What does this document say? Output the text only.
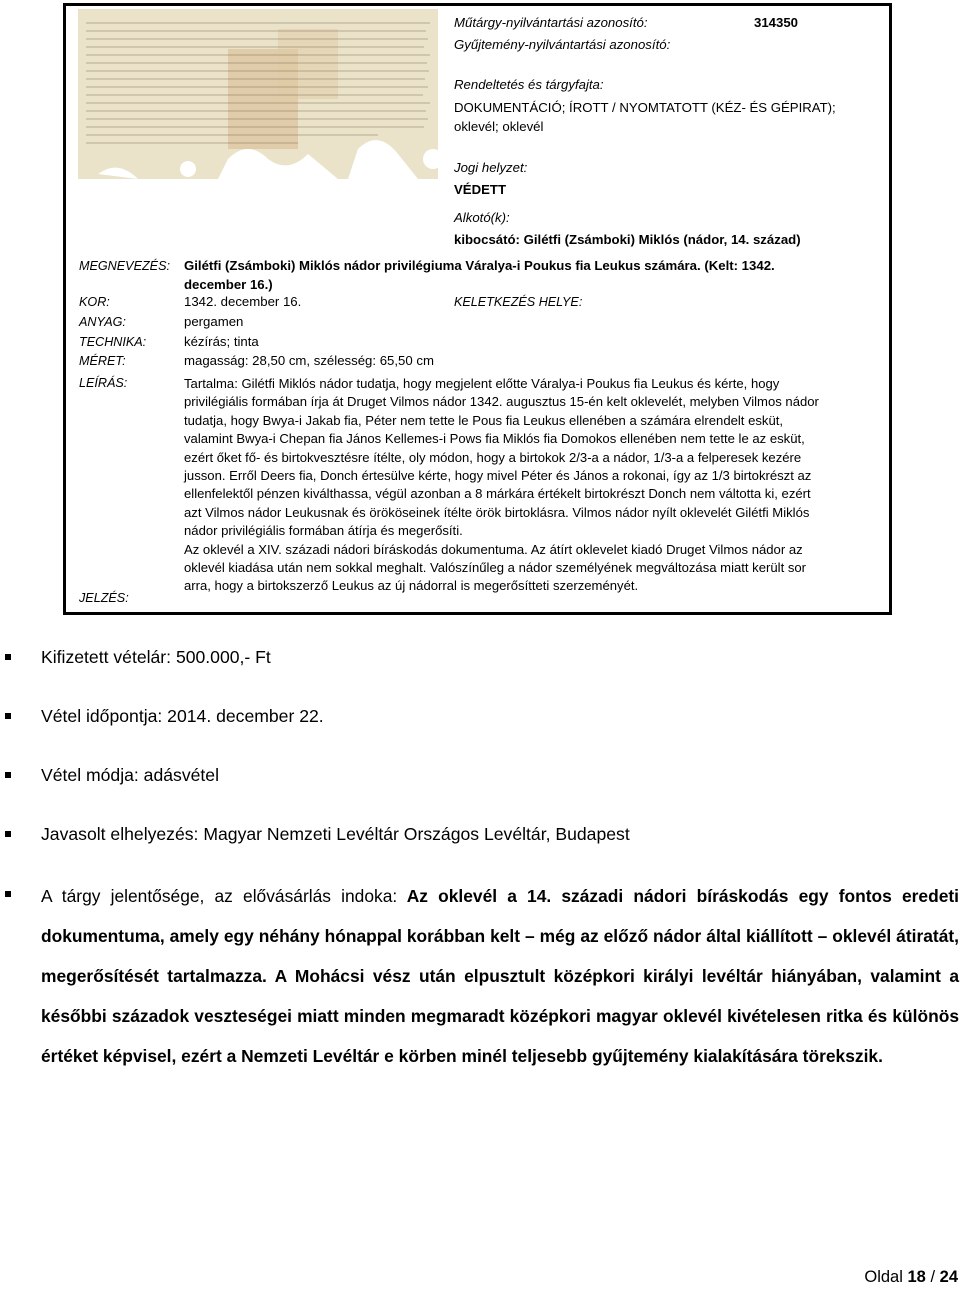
Műtárgy-nyilvántartási azonosító:	314350
Gyűjtemény-nyilvántartási azonosító:
Rendeltetés és tárgyfajta:
DOKUMENTÁCIÓ; ÍROTT / NYOMTATOTT (KÉZ- ÉS GÉPIRAT);
oklevél; oklevél
Jogi helyzet:
VÉDETT
Alkotó(k):
kibocsátó: Gilétfi (Zsámboki) Miklós (nádor, 14. század)
MEGNEVEZÉS: Gilétfi (Zsámboki) Miklós nádor privilégiuma Váralya-i Poukus fia Leukus számára. (Kelt: 1342.
december 16.)
KOR:	1342. december 16.	KELETKEZÉS HELYE:
ANYAG:	pergamen
TECHNIKA:	kézírás; tinta
MÉRET:	magasság: 28,50 cm, szélesség: 65,50 cm
LEÍRÁS:	Tartalma: Gilétfi Miklós nádor tudatja, hogy megjelent előtte Váralya-i Poukus fia Leukus és kérte, hogy

privilégiális formában írja át Druget Vilmos nádor 1342. augusztus 15-én kelt oklevelét, melyben Vilmos nádor

tudatja, hogy Bwya-i Jakab fia, Péter nem tette le Pous fia Leukus ellenében a számára elrendelt esküt,

valamint Bwya-i Chepan fia János Kellemes-i Pows fia Miklós fia Domokos ellenében nem tette le az esküt,

ezért őket fő- és birtokvesztésre ítélte, oly módon, hogy a birtokok 2/3-a a nádor, 1/3-a a felperesek kezére

jusson. Erről Deers fia, Donch értesülve kérte, hogy mivel Péter és János a rokonai, így az 1/3 birtokrészt az

ellenfelektől pénzen kiválthassa, végül azonban a 8 márkára értékelt birtokrészt Donch nem váltotta ki, ezért

azt Vilmos nádor Leukusnak és örököseinek ítélte örök birtoklásra. Vilmos nádor nyílt oklevelét Gilétfi Miklós

nádor privilégiális formában átírja és megerősíti.

Az oklevél a XIV. századi nádori bíráskodás dokumentuma. Az átírt oklevelet kiadó Druget Vilmos nádor az

oklevél kiadása után nem sokkal meghalt. Valószínűleg a nádor személyének megváltozása miatt került sor

arra, hogy a birtokszerző Leukus az új nádorral is megerősítteti szerzeményét.

JELZÉS:
Kifizetett vételár: 500.000,- Ft
Vétel időpontja: 2014. december 22.
Vétel módja: adásvétel
Javasolt elhelyezés: Magyar Nemzeti Levéltár Országos Levéltár, Budapest
A tárgy jelentősége, az elővásárlás indoka: Az oklevél a 14. századi nádori bíráskodás egy fontos eredeti dokumentuma, amely egy néhány hónappal korábban kelt – még az előző nádor által kiállított – oklevél átiratát, megerősítését tartalmazza. A Mohácsi vész után elpusztult középkori királyi levéltár hiányában, valamint a későbbi századok veszteségei miatt minden megmaradt középkori magyar oklevél kivételesen ritka és különös értéket képvisel, ezért a Nemzeti Levéltár e körben minél teljesebb gyűjtemény kialakítására törekszik.
Oldal 18 / 24
